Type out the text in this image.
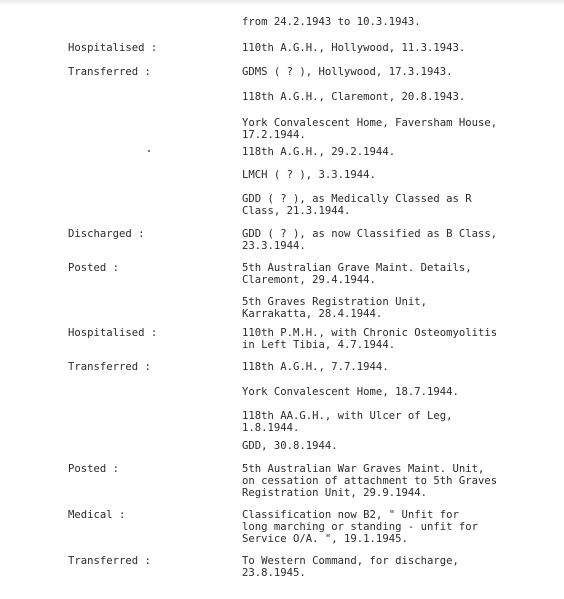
from 24.2.1943 to 10.3.1943.
Hospitalised :	110th A.G.H., Hollywood, 11.3.1943.
Transferred :	GDMS ( ? ), Hollywood, 17.3.1943.
118th A.G.H., Claremont, 20.8.1943.
York Convalescent Home, Faversham House,
17.2.1944.
118th A.G.H., 29.2.1944.
LMCH ( ? ), 3.3.1944.
GDD ( ? ), as Medically Classed as R
Class, 21.3.1944.
Discharged :	GDD ( ? ), as now Classified as B Class,
23.3.1944.
Posted :	5th Australian Grave Maint. Details,
Claremont, 29.4.1944.
5th Graves Registration Unit,
Karrakatta, 28.4.1944.
Hospitalised :	110th P.M.H., with Chronic Osteomyolitis
in Left Tibia, 4.7.1944.
Transferred :	118th A.G.H., 7.7.1944.
York Convalescent Home, 18.7.1944.
118th AA.G.H., with Ulcer of Leg,
1.8.1944.
GDD, 30.8.1944.
Posted :	5th Australian War Graves Maint. Unit,
on cessation of attachment to 5th Graves
Registration Unit, 29.9.1944.
Medical :	Classification now B2, " Unfit for
long marching or standing - unfit for
Service O/A. ", 19.1.1945.
Transferred :	To Western Command, for discharge,
23.8.1945.
